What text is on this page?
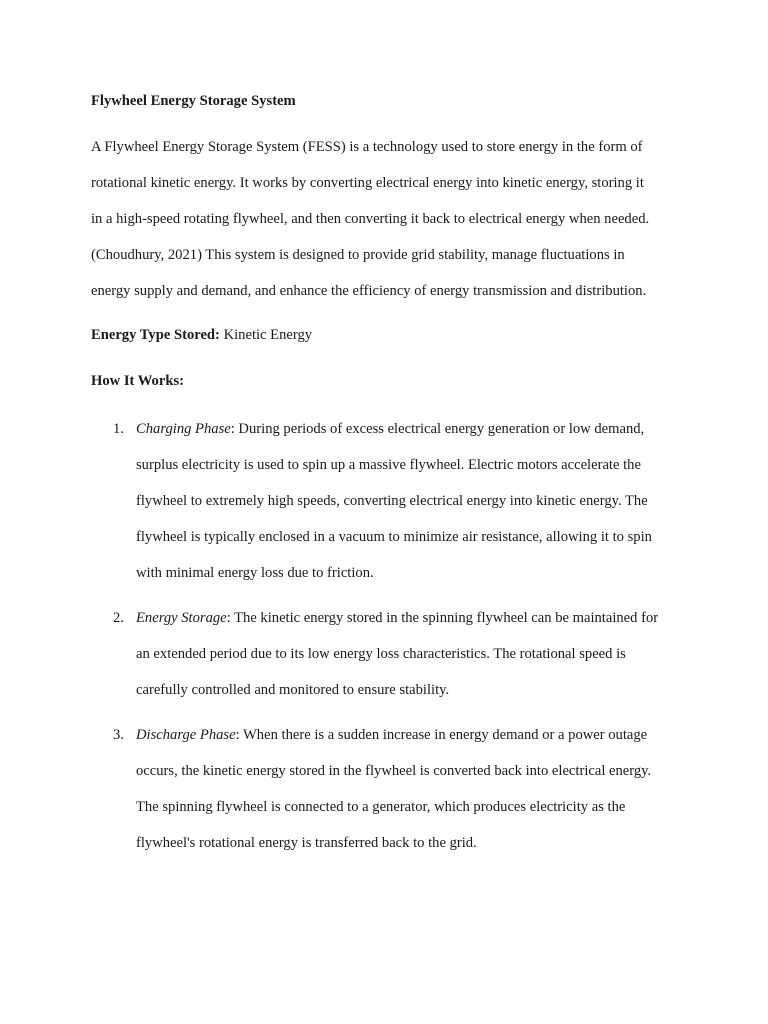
Flywheel Energy Storage System
A Flywheel Energy Storage System (FESS) is a technology used to store energy in the form of
rotational kinetic energy. It works by converting electrical energy into kinetic energy, storing it
in a high-speed rotating flywheel, and then converting it back to electrical energy when needed.
(Choudhury, 2021) This system is designed to provide grid stability, manage fluctuations in
energy supply and demand, and enhance the efficiency of energy transmission and distribution.
Energy Type Stored: Kinetic Energy
How It Works:
1. Charging Phase: During periods of excess electrical energy generation or low demand,
surplus electricity is used to spin up a massive flywheel. Electric motors accelerate the
flywheel to extremely high speeds, converting electrical energy into kinetic energy. The
flywheel is typically enclosed in a vacuum to minimize air resistance, allowing it to spin
with minimal energy loss due to friction.
2. Energy Storage: The kinetic energy stored in the spinning flywheel can be maintained for
an extended period due to its low energy loss characteristics. The rotational speed is
carefully controlled and monitored to ensure stability.
3. Discharge Phase: When there is a sudden increase in energy demand or a power outage
occurs, the kinetic energy stored in the flywheel is converted back into electrical energy.
The spinning flywheel is connected to a generator, which produces electricity as the
flywheel's rotational energy is transferred back to the grid.
